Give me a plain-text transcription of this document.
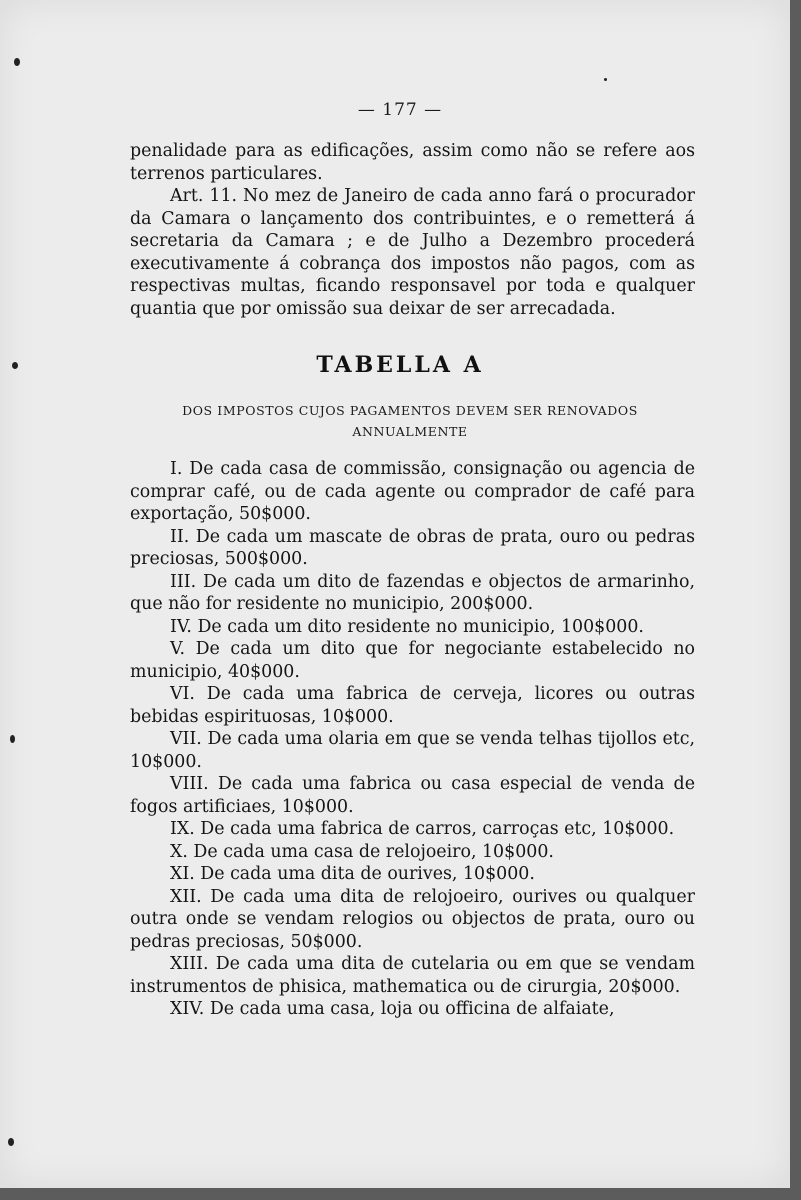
— 177 —

penalidade para as edificações, assim como não se refere aos terrenos particulares.

Art. 11. No mez de Janeiro de cada anno fará o procurador da Camara o lançamento dos contribuintes, e o remetterá á secretaria da Camara ; e de Julho a Dezembro procederá executivamente á cobrança dos impostos não pagos, com as respectivas multas, ficando responsavel por toda e qualquer quantia que por omissão sua deixar de ser arrecadada.

TABELLA A
DOS IMPOSTOS CUJOS PAGAMENTOS DEVEM SER RENOVADOS ANNUALMENTE

I. De cada casa de commissão, consignação ou agencia de comprar café, ou de cada agente ou comprador de café para exportação, 50$000.

II. De cada um mascate de obras de prata, ouro ou pedras preciosas, 500$000.

III. De cada um dito de fazendas e objectos de armarinho, que não for residente no municipio, 200$000.

IV. De cada um dito residente no municipio, 100$000.

V. De cada um dito que for negociante estabelecido no municipio, 40$000.

VI. De cada uma fabrica de cerveja, licores ou outras bebidas espirituosas, 10$000.

VII. De cada uma olaria em que se venda telhas tijollos etc, 10$000.

VIII. De cada uma fabrica ou casa especial de venda de fogos artificiaes, 10$000.

IX. De cada uma fabrica de carros, carroças etc, 10$000.

X. De cada uma casa de relojoeiro, 10$000.

XI. De cada uma dita de ourives, 10$000.

XII. De cada uma dita de relojoeiro, ourives ou qualquer outra onde se vendam relogios ou objectos de prata, ouro ou pedras preciosas, 50$000.

XIII. De cada uma dita de cutelaria ou em que se vendam instrumentos de phisica, mathematica ou de cirurgia, 20$000.

XIV. De cada uma casa, loja ou officina de alfaiate,
